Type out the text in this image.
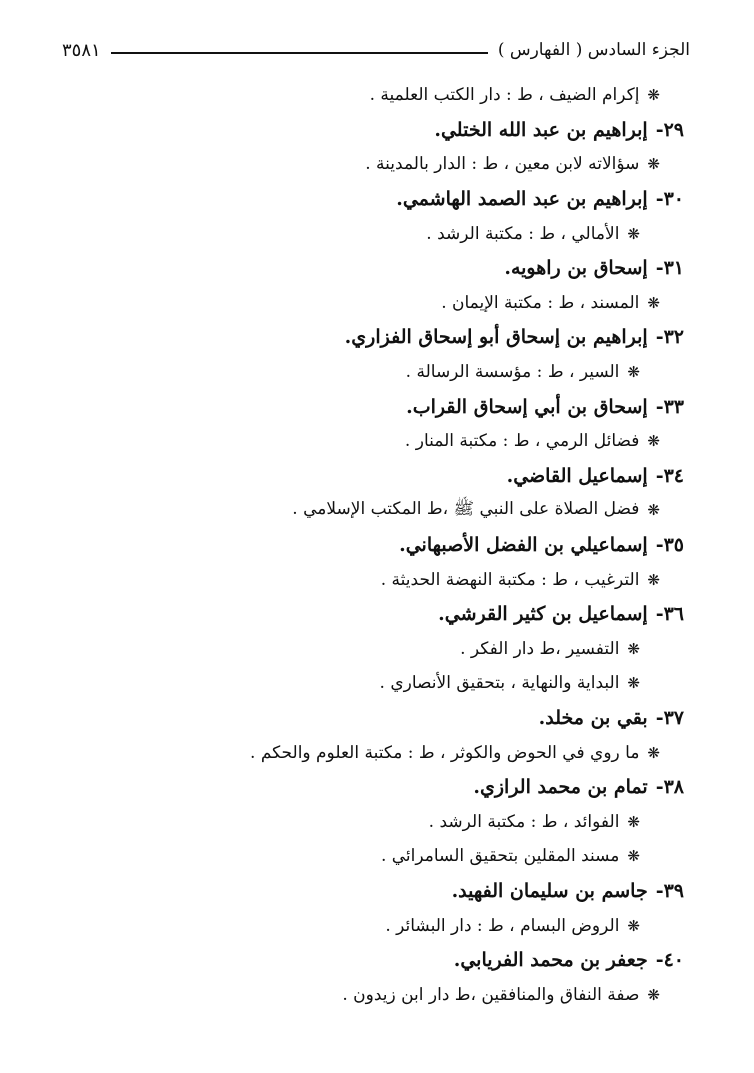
الجزء السادس ( الفهارس )
٣٥٨١
❋
إكرام الضيف ، ط : دار الكتب العلمية .
٢٩-
إبراهيم بن عبد الله الختلي.
❋
سؤالاته لابن معين ، ط : الدار بالمدينة .
٣٠-
إبراهيم بن عبد الصمد الهاشمي.
❋
الأمالي ، ط : مكتبة الرشد .
٣١-
إسحاق بن راهويه.
❋
المسند ، ط : مكتبة الإيمان .
٣٢-
إبراهيم بن إسحاق أبو إسحاق الفزاري.
❋
السير ، ط : مؤسسة الرسالة .
٣٣-
إسحاق بن أبي إسحاق القراب.
❋
فضائل الرمي ، ط : مكتبة المنار .
٣٤-
إسماعيل القاضي.
❋
فضل الصلاة على النبي ﷺ ،ط المكتب الإسلامي .
٣٥-
إسماعيلي بن الفضل الأصبهاني.
❋
الترغيب ، ط : مكتبة النهضة الحديثة .
٣٦-
إسماعيل بن كثير القرشي.
❋
التفسير ،ط دار الفكر .
❋
البداية والنهاية ، بتحقيق الأنصاري .
٣٧-
بقي بن مخلد.
❋
ما روي في الحوض والكوثر ، ط : مكتبة العلوم والحكم .
٣٨-
تمام بن محمد الرازي.
❋
الفوائد ، ط : مكتبة الرشد .
❋
مسند المقلين بتحقيق السامرائي .
٣٩-
جاسم بن سليمان الفهيد.
❋
الروض البسام ، ط : دار البشائر .
٤٠-
جعفر بن محمد الفريابي.
❋
صفة النفاق والمنافقين ،ط دار ابن زيدون .
